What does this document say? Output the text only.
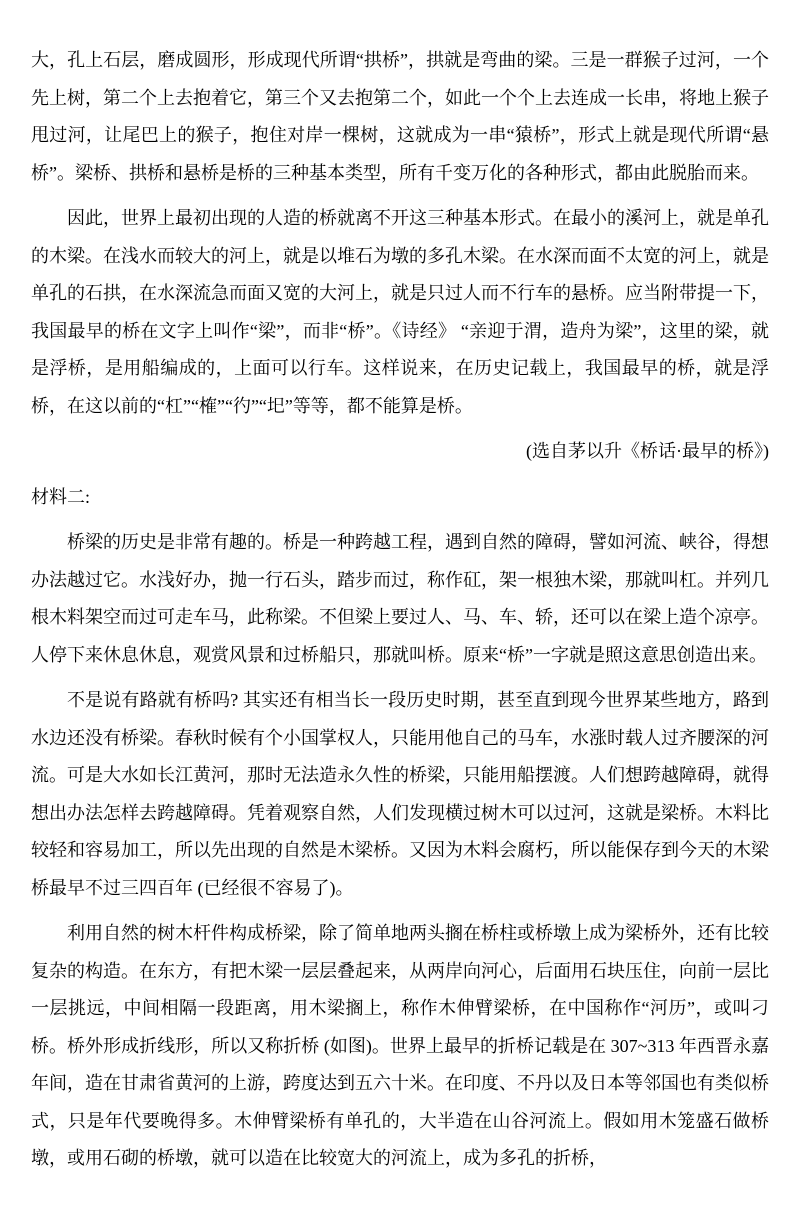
大，孔上石层，磨成圆形，形成现代所谓“拱桥”，拱就是弯曲的梁。三是一群猴子过河，一个先上树，第二个上去抱着它，第三个又去抱第二个，如此一个个上去连成一长串，将地上猴子甩过河，让尾巴上的猴子，抱住对岸一棵树，这就成为一串“猿桥”，形式上就是现代所谓“悬桥”。梁桥、拱桥和悬桥是桥的三种基本类型，所有千变万化的各种形式，都由此脱胎而来。

因此，世界上最初出现的人造的桥就离不开这三种基本形式。在最小的溪河上，就是单孔的木梁。在浅水而较大的河上，就是以堆石为墩的多孔木梁。在水深而面不太宽的河上，就是单孔的石拱，在水深流急而面又宽的大河上，就是只过人而不行车的悬桥。应当附带提一下，我国最早的桥在文字上叫作“梁”，而非“桥”。《诗经》 “亲迎于渭，造舟为梁”，这里的梁，就是浮桥，是用船编成的，上面可以行车。这样说来，在历史记载上，我国最早的桥，就是浮桥，在这以前的“杠”“榷”“彴”“圯”等等，都不能算是桥。

(选自茅以升《桥话·最早的桥》)

材料二:

桥梁的历史是非常有趣的。桥是一种跨越工程，遇到自然的障碍，譬如河流、峡谷，得想办法越过它。水浅好办，抛一行石头，踏步而过，称作矼，架一根独木梁，那就叫杠。并列几根木料架空而过可走车马，此称梁。不但梁上要过人、马、车、轿，还可以在梁上造个凉亭。人停下来休息休息，观赏风景和过桥船只，那就叫桥。原来“桥”一字就是照这意思创造出来。

不是说有路就有桥吗? 其实还有相当长一段历史时期，甚至直到现今世界某些地方，路到水边还没有桥梁。春秋时候有个小国掌权人，只能用他自己的马车，水涨时载人过齐腰深的河流。可是大水如长江黄河，那时无法造永久性的桥梁，只能用船摆渡。人们想跨越障碍，就得想出办法怎样去跨越障碍。凭着观察自然，人们发现横过树木可以过河，这就是梁桥。木料比较轻和容易加工，所以先出现的自然是木梁桥。又因为木料会腐朽，所以能保存到今天的木梁桥最早不过三四百年 (已经很不容易了)。

利用自然的树木杆件构成桥梁，除了简单地两头搁在桥柱或桥墩上成为梁桥外，还有比较复杂的构造。在东方，有把木梁一层层叠起来，从两岸向河心，后面用石块压住，向前一层比一层挑远，中间相隔一段距离，用木梁搁上，称作木伸臂梁桥，在中国称作“河历”，或叫刁桥。桥外形成折线形，所以又称折桥 (如图)。世界上最早的折桥记载是在 307~313 年西晋永嘉年间，造在甘肃省黄河的上游，跨度达到五六十米。在印度、不丹以及日本等邻国也有类似桥式，只是年代要晚得多。木伸臂梁桥有单孔的，大半造在山谷河流上。假如用木笼盛石做桥墩，或用石砌的桥墩，就可以造在比较宽大的河流上，成为多孔的折桥，
